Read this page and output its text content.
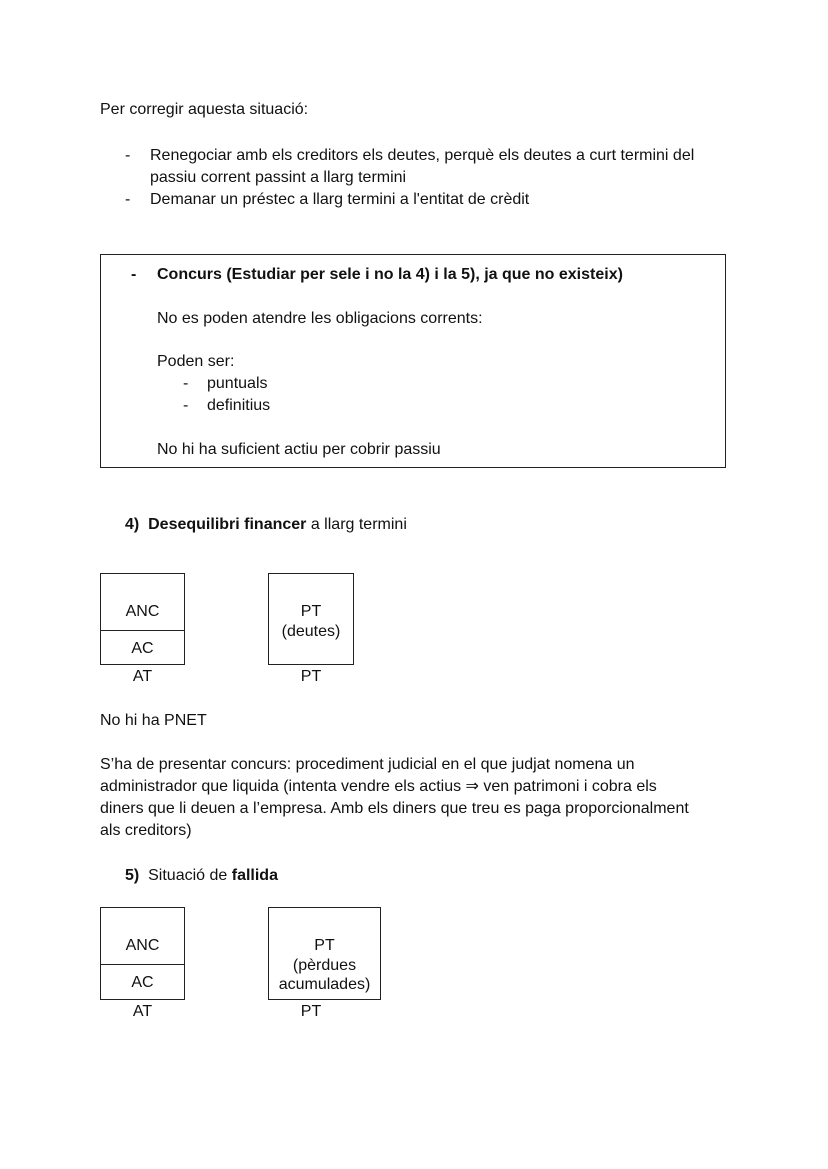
Per corregir aquesta situació:
- Renegociar amb els creditors els deutes, perquè els deutes a curt termini del
passiu corrent passint a llarg termini
- Demanar un préstec a llarg termini a l'entitat de crèdit
- Concurs (Estudiar per sele i no la 4) i la 5), ja que no existeix)
No es poden atendre les obligacions corrents:
Poden ser:
- puntuals
- definitius
No hi ha suficient actiu per cobrir passiu
4) Desequilibri financer a llarg termini
ANC
AC
AT
PT
(deutes)
PT
No hi ha PNET
S’ha de presentar concurs: procediment judicial en el que judjat nomena un
administrador que liquida (intenta vendre els actius ⇒ ven patrimoni i cobra els
diners que li deuen a l’empresa. Amb els diners que treu es paga proporcionalment
als creditors)
5) Situació de fallida
ANC
AC
AT
PT
(pèrdues
acumulades)
PT
